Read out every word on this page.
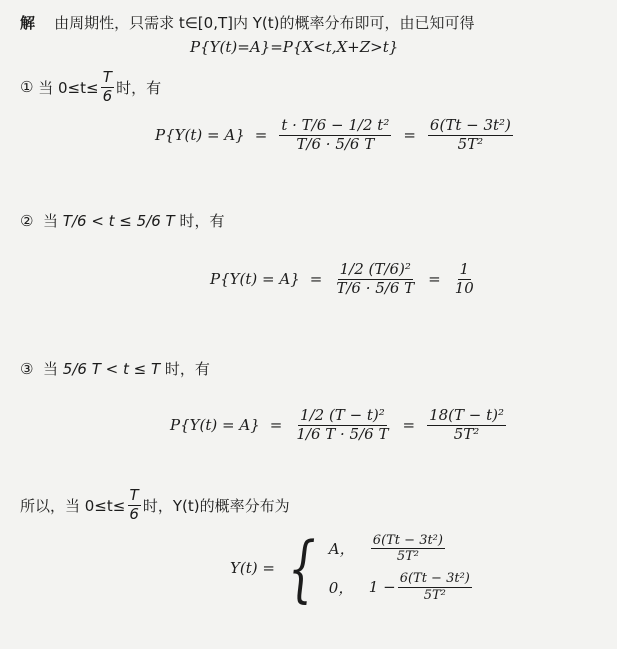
解 由周期性，只需求 t∈[0,T]内 Y(t)的概率分布即可，由已知可得
P{Y(t)=A}=P{X<t,X+Z>t}
①
当 $0\le t\le \frac{T}{6}$ 时，有
$P\{Y(t) = A\} = \frac{\text{t · T/6 − 1/2 t²}}{T/6 \cdot 5/6 T} = \frac{\text{6(Tt − 3t²)}}{\text{5T²}}$
② 当 T/6 < t ≤ 5/6 T 时，有
$P\{Y(t) = A\} = \frac{\text{1/2 (T/6)²}}{T/6 \cdot 5/6 T} = \frac{1}{10}$
③ 当 5/6 T < t ≤ T 时，有
$P\{Y(t) = A\} = \frac{\text{1/2 (T − t)²}}{1/6 T \cdot 5/6 T} = \frac{\text{18(T − t)²}}{\text{5T²}}$
所以，当 $0\le t\le \frac{T}{6}$ 时，Y(t)的概率分布为
Y(t) = { A，	$\frac{\text{6(Tt − 3t²)}}{\text{5T²}}$
0，	$1 - \frac{\text{6(Tt − 3t²)}}{\text{5T²}}$
